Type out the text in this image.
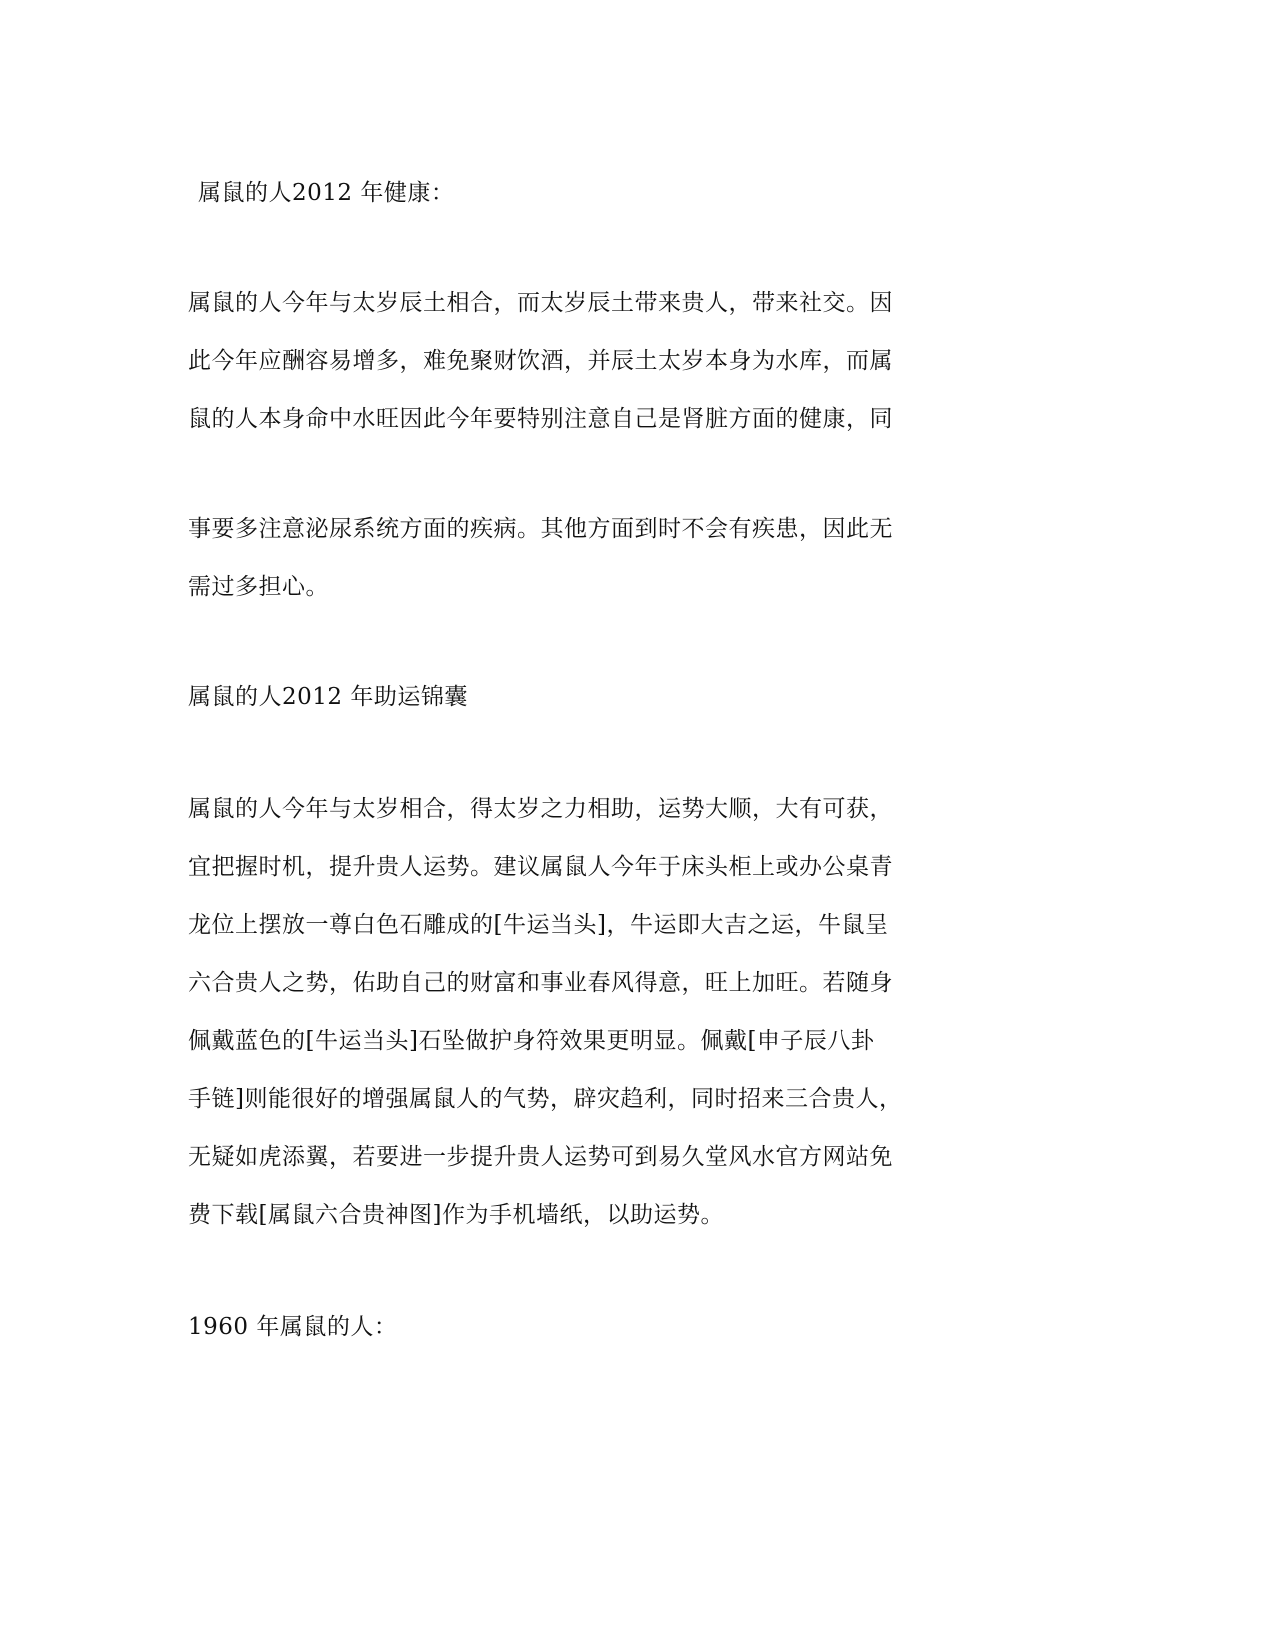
属鼠的人2012 年健康：
属鼠的人今年与太岁辰土相合，而太岁辰土带来贵人，带来社交。因
此今年应酬容易增多，难免聚财饮酒，并辰土太岁本身为水库，而属
鼠的人本身命中水旺因此今年要特别注意自己是肾脏方面的健康，同
事要多注意泌尿系统方面的疾病。其他方面到时不会有疾患，因此无
需过多担心。
属鼠的人2012 年助运锦囊
属鼠的人今年与太岁相合，得太岁之力相助，运势大顺，大有可获，
宜把握时机，提升贵人运势。建议属鼠人今年于床头柜上或办公桌青
龙位上摆放一尊白色石雕成的[牛运当头]，牛运即大吉之运，牛鼠呈
六合贵人之势，佑助自己的财富和事业春风得意，旺上加旺。若随身
佩戴蓝色的[牛运当头]石坠做护身符效果更明显。佩戴[申子辰八卦
手链]则能很好的增强属鼠人的气势，辟灾趋利，同时招来三合贵人，
无疑如虎添翼，若要进一步提升贵人运势可到易久堂风水官方网站免
费下载[属鼠六合贵神图]作为手机墙纸，以助运势。
1960 年属鼠的人：
